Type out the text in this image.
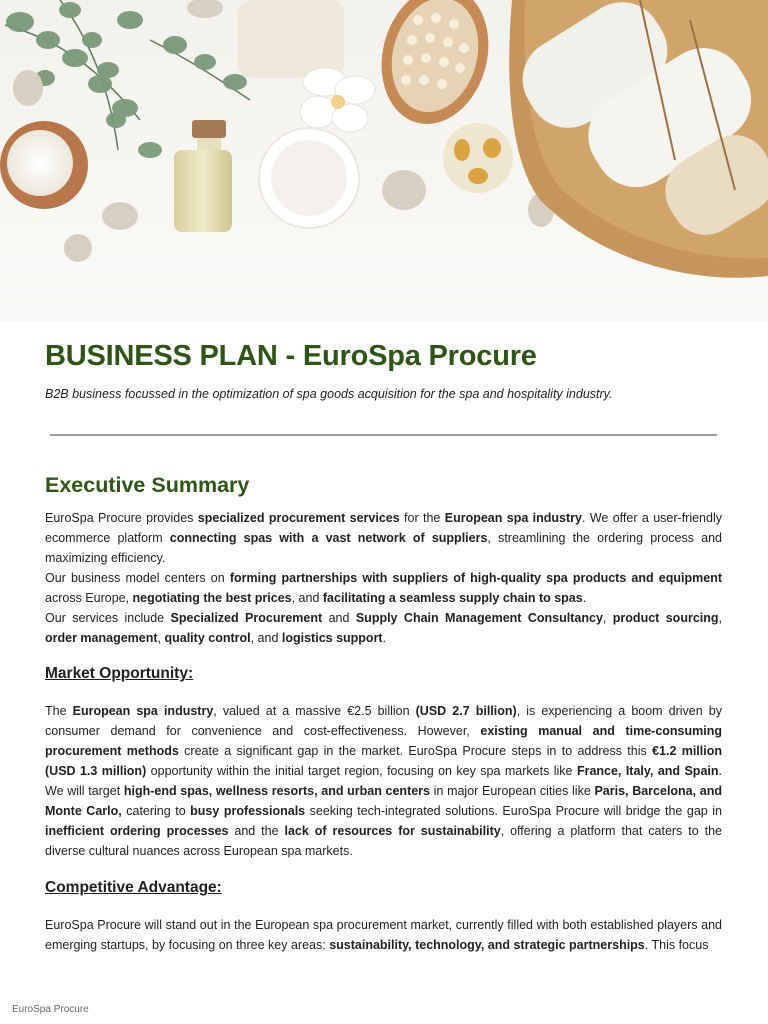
BUSINESS PLAN - EuroSpa Procure
B2B business focussed in the optimization of spa goods acquisition for the spa and hospitality industry.
Executive Summary

EuroSpa Procure provides specialized procurement services for the European spa industry. We offer a user-friendly ecommerce platform connecting spas with a vast network of suppliers, streamlining the ordering process and maximizing efficiency.

Our business model centers on forming partnerships with suppliers of high-quality spa products and equipment across Europe, negotiating the best prices, and facilitating a seamless supply chain to spas.

Our services include Specialized Procurement and Supply Chain Management Consultancy, product sourcing, order management, quality control, and logistics support.

Market Opportunity:

The European spa industry, valued at a massive €2.5 billion (USD 2.7 billion), is experiencing a boom driven by consumer demand for convenience and cost-effectiveness. However, existing manual and time-consuming procurement methods create a significant gap in the market. EuroSpa Procure steps in to address this €1.2 million (USD 1.3 million) opportunity within the initial target region, focusing on key spa markets like France, Italy, and Spain. We will target high-end spas, wellness resorts, and urban centers in major European cities like Paris, Barcelona, and Monte Carlo, catering to busy professionals seeking tech-integrated solutions. EuroSpa Procure will bridge the gap in inefficient ordering processes and the lack of resources for sustainability, offering a platform that caters to the diverse cultural nuances across European spa markets.

Competitive Advantage:

EuroSpa Procure will stand out in the European spa procurement market, currently filled with both established players and emerging startups, by focusing on three key areas: sustainability, technology, and strategic partnerships. This focus

EuroSpa Procure
